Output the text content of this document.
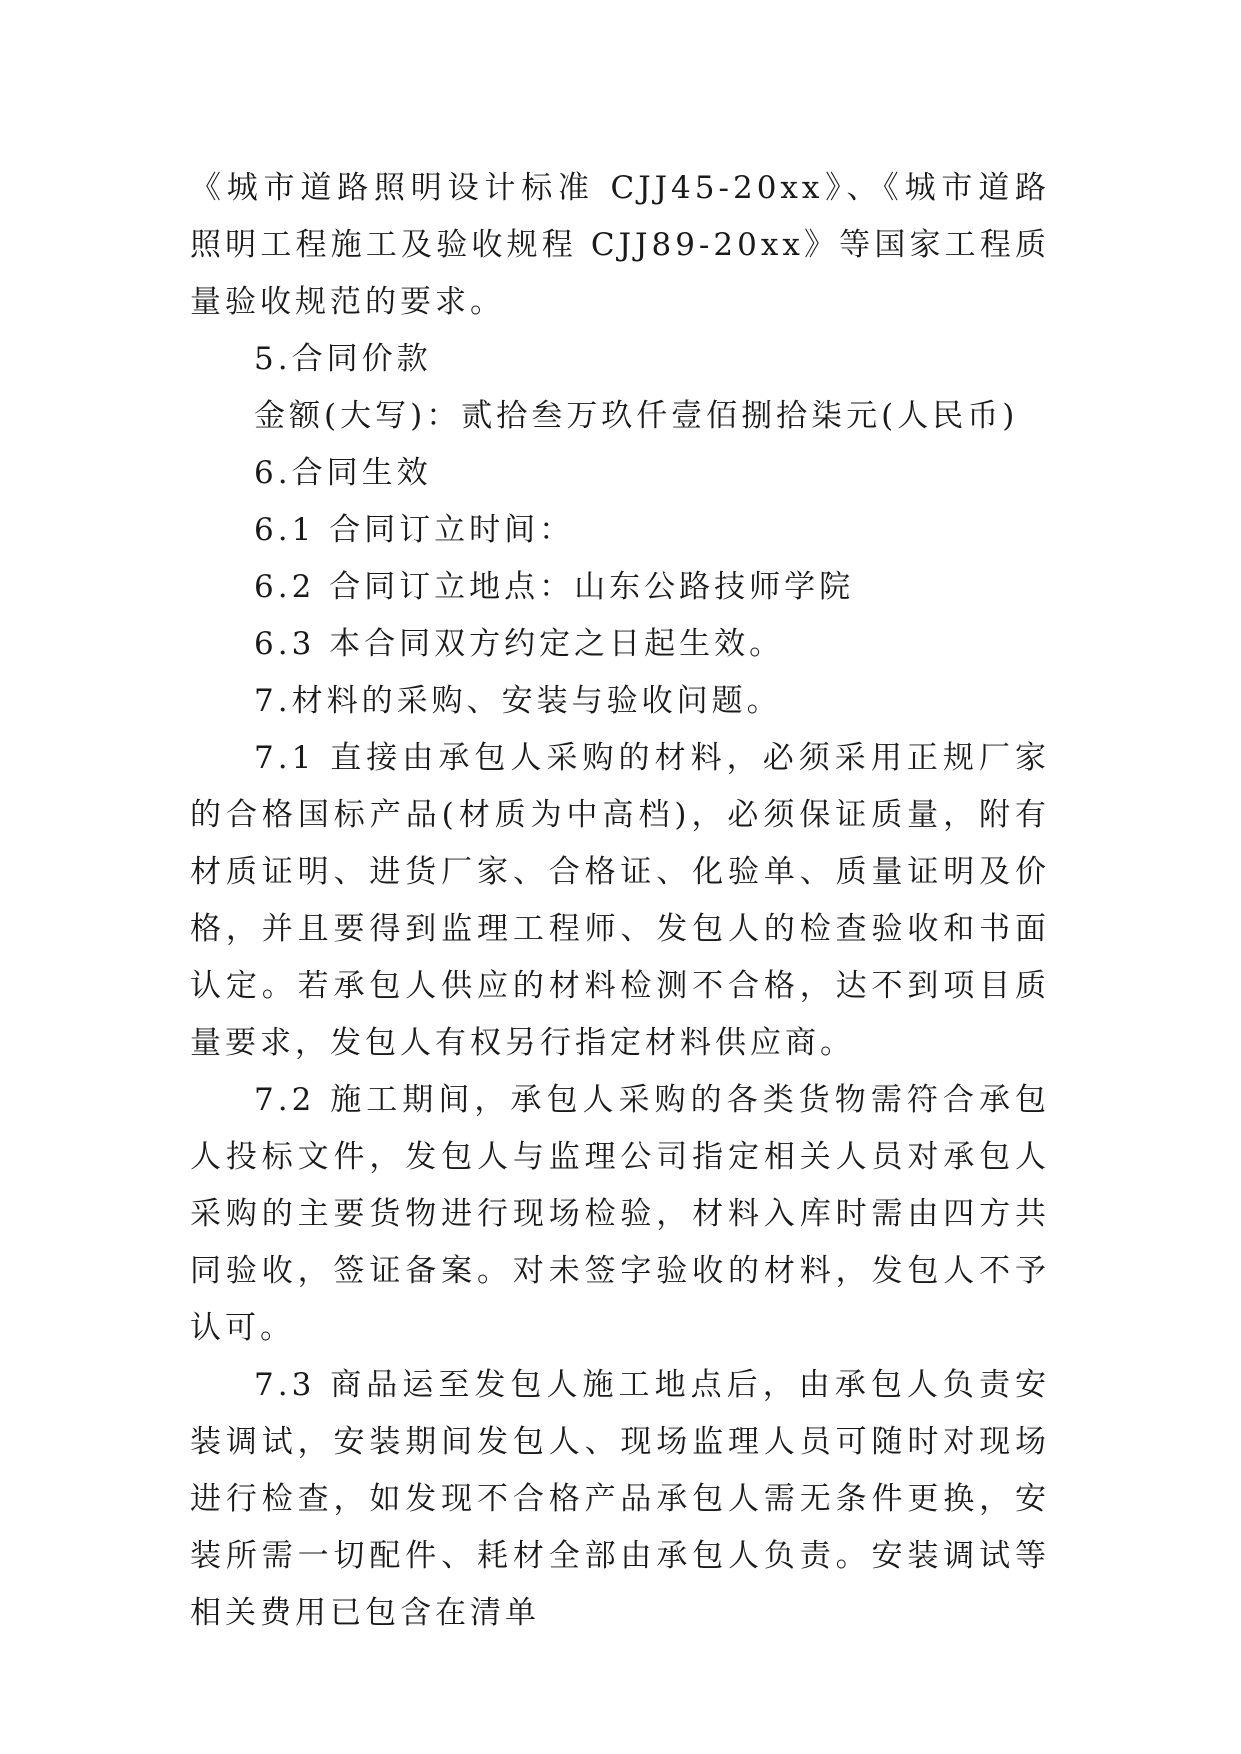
《城市道路照明设计标准 CJJ45-20xx》、《城市道路照明工程施工及验收规程 CJJ89-20xx》等国家工程质量验收规范的要求。

5.合同价款

金额(大写)：贰拾叁万玖仟壹佰捌拾柒元(人民币)

6.合同生效

6.1 合同订立时间：

6.2 合同订立地点：山东公路技师学院

6.3 本合同双方约定之日起生效。

7.材料的采购、安装与验收问题。

7.1 直接由承包人采购的材料，必须采用正规厂家的合格国标产品(材质为中高档)，必须保证质量，附有材质证明、进货厂家、合格证、化验单、质量证明及价格，并且要得到监理工程师、发包人的检查验收和书面认定。若承包人供应的材料检测不合格，达不到项目质量要求，发包人有权另行指定材料供应商。

7.2 施工期间，承包人采购的各类货物需符合承包人投标文件，发包人与监理公司指定相关人员对承包人采购的主要货物进行现场检验，材料入库时需由四方共同验收，签证备案。对未签字验收的材料，发包人不予认可。

7.3 商品运至发包人施工地点后，由承包人负责安装调试，安装期间发包人、现场监理人员可随时对现场进行检查，如发现不合格产品承包人需无条件更换，安装所需一切配件、耗材全部由承包人负责。安装调试等相关费用已包含在清单
